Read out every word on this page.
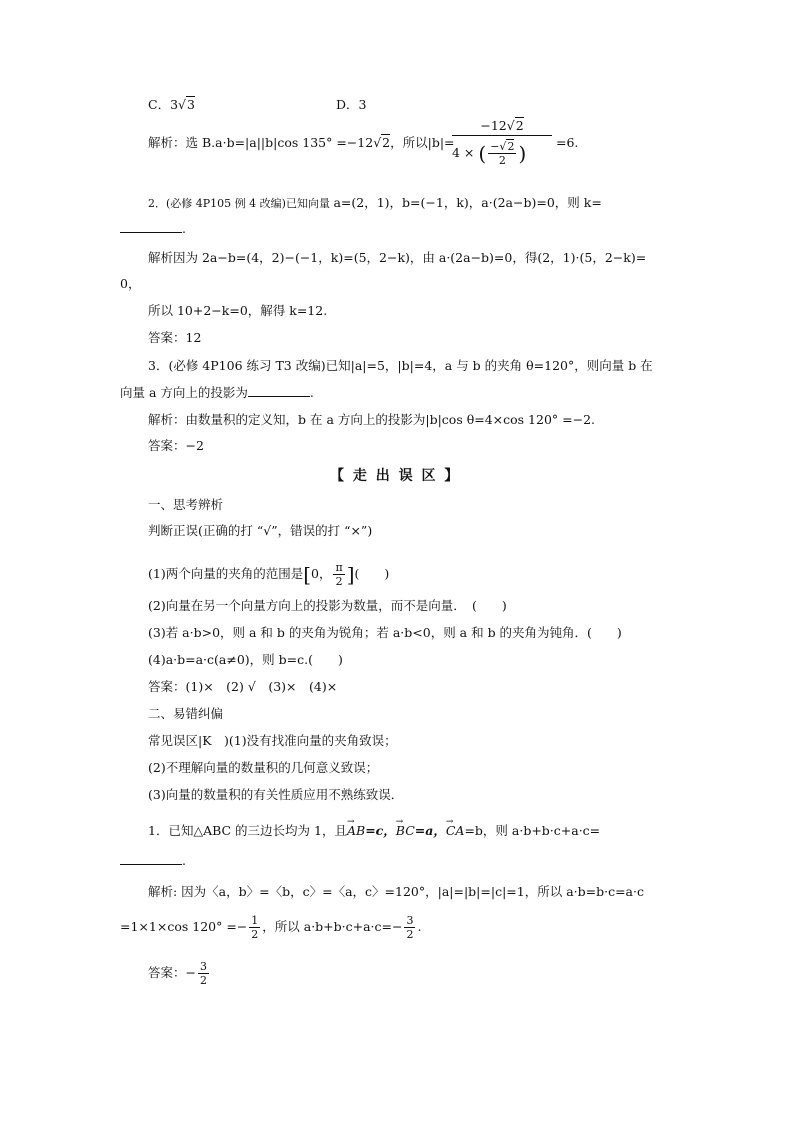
C．3√3	D．3
解析：选 B.a·b=|a||b|cos 135° =−12√2，所以|b|=
−12√2
4 × ( $\frac{-√2}{2}$ )	=6.
2．(必修 4P105 例 4 改编)已知向量 a=(2，1)，b=(−1，k)，a·(2a−b)=0，则 k=
.
解析因为 2a−b=(4，2)−(−1，k)=(5，2−k)，由 a·(2a−b)=0，得(2，1)·(5，2−k)=
0，
所以 10+2−k=0，解得 k=12.
答案：12
3．(必修 4P106 练习 T3 改编)已知|a|=5，|b|=4，a 与 b 的夹角 θ=120°，则向量 b 在
向量 a 方向上的投影为	.
解析：由数量积的定义知，b 在 a 方向上的投影为|b|cos θ=4×cos 120° =−2.
答案：−2
【 走 出 误 区 】
一、思考辨析
判断正误(正确的打 “√”，错误的打 “×”)
(1)两个向量的夹角的范围是[0， $\frac{\pi}{2}$ ](　　)
(2)向量在另一个向量方向上的投影为数量，而不是向量．　(　　)
(3)若 a·b>0，则 a 和 b 的夹角为锐角；若 a·b<0，则 a 和 b 的夹角为钝角．(　　)
(4)a·b=a·c(a≠0)，则 b=c.(　　)
答案：(1)×　(2) √　(3)×　(4)×
二、易错纠偏
常见误区|K　)(1)没有找准向量的夹角致误；
(2)不理解向量的数量积的几何意义致误；
(3)向量的数量积的有关性质应用不熟练致误．
1．已知△ABC 的三边长均为 1，且→ AB=c，→ BC=a，→ CA=b，则 a·b+b·c+a·c=
.
解析: 因为〈a，b〉=〈b，c〉=〈a，c〉=120°，|a|=|b|=|c|=1，所以 a·b=b·c=a·c
=1×1×cos $120^\circ =- \frac{1}{2}$ ，所以 $a\cdot b+b\cdot c+a\cdot c=- \frac{3}{2}$ .
答案：− $\frac{3}{2}$
